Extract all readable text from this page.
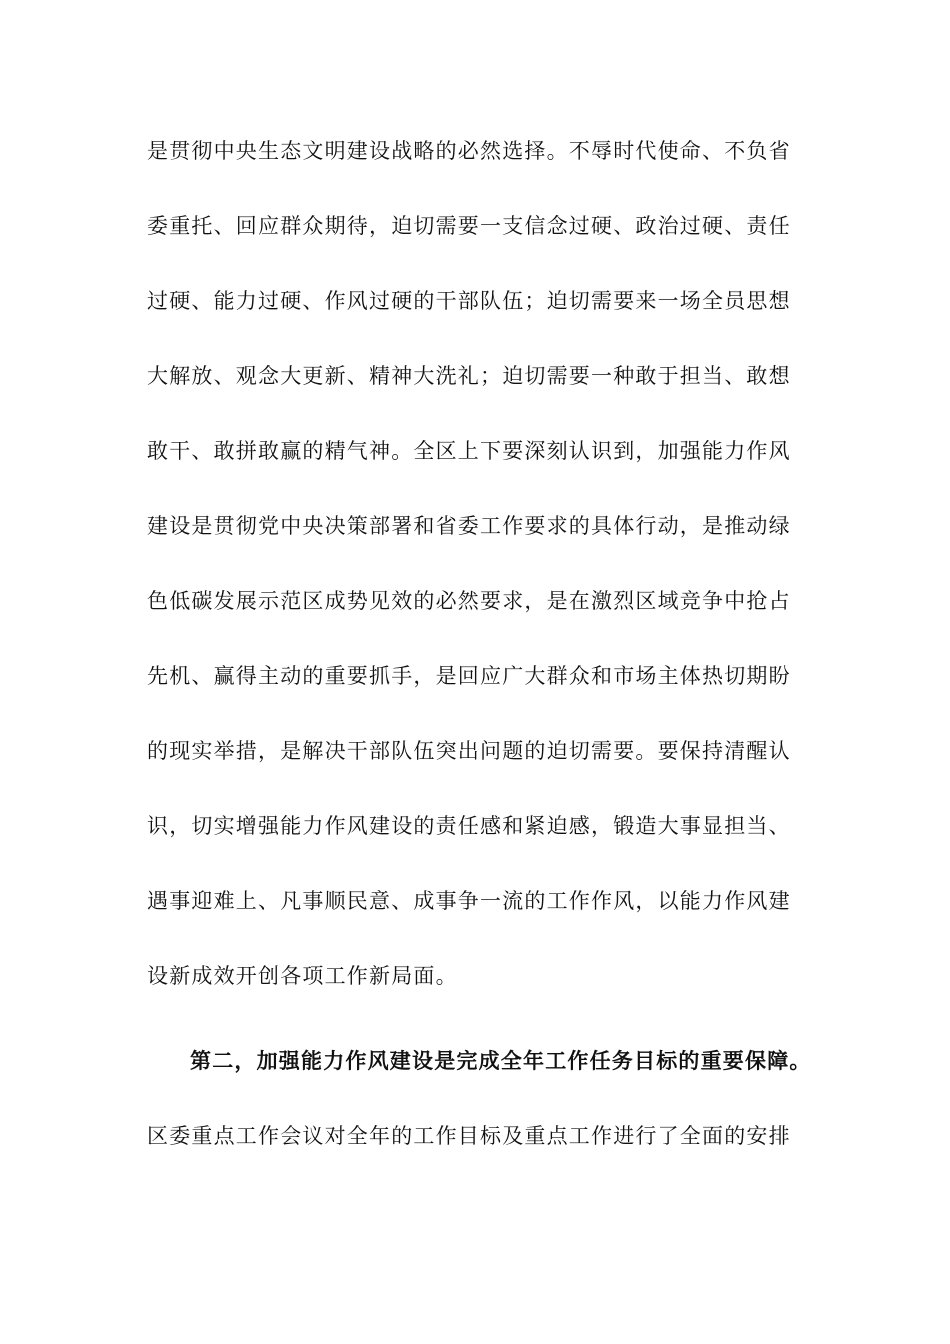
是贯彻中央生态文明建设战略的必然选择。不辱时代使命、不负省
委重托、回应群众期待，迫切需要一支信念过硬、政治过硬、责任
过硬、能力过硬、作风过硬的干部队伍；迫切需要来一场全员思想
大解放、观念大更新、精神大洗礼；迫切需要一种敢于担当、敢想
敢干、敢拼敢赢的精气神。全区上下要深刻认识到，加强能力作风
建设是贯彻党中央决策部署和省委工作要求的具体行动，是推动绿
色低碳发展示范区成势见效的必然要求，是在激烈区域竞争中抢占
先机、赢得主动的重要抓手，是回应广大群众和市场主体热切期盼
的现实举措，是解决干部队伍突出问题的迫切需要。要保持清醒认
识，切实增强能力作风建设的责任感和紧迫感，锻造大事显担当、
遇事迎难上、凡事顺民意、成事争一流的工作作风，以能力作风建
设新成效开创各项工作新局面。
第二，加强能力作风建设是完成全年工作任务目标的重要保障。
区委重点工作会议对全年的工作目标及重点工作进行了全面的安排
